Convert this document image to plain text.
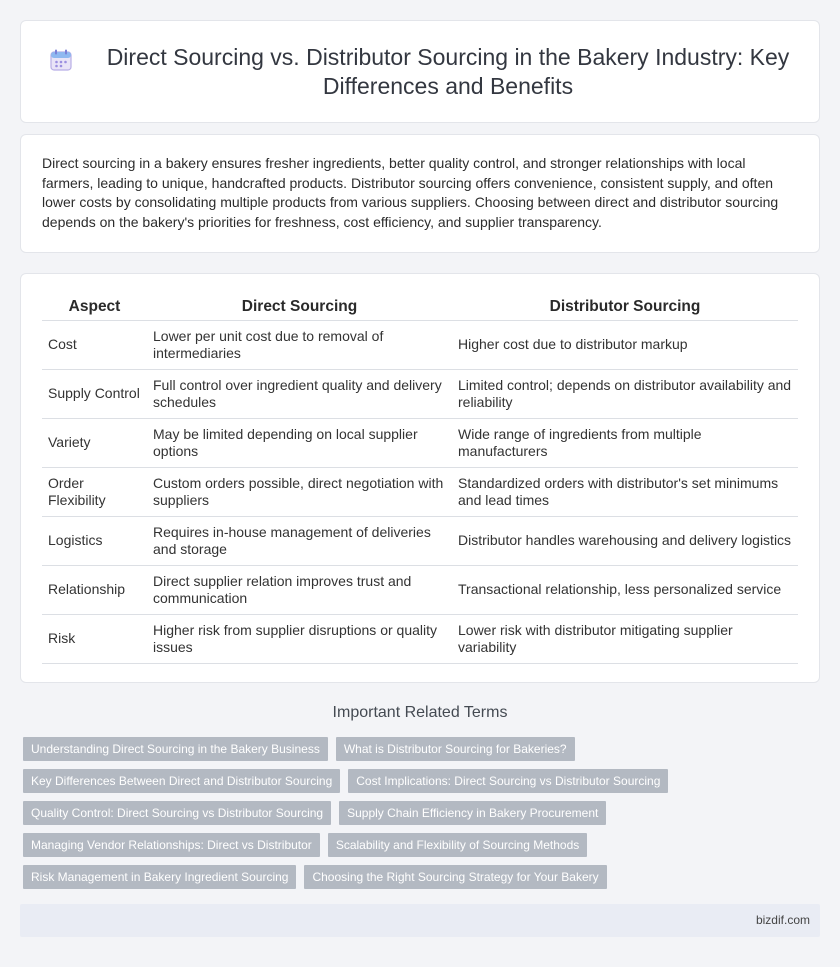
Direct Sourcing vs. Distributor Sourcing in the Bakery Industry: Key Differences and Benefits

Direct sourcing in a bakery ensures fresher ingredients, better quality control, and stronger relationships with local farmers, leading to unique, handcrafted products. Distributor sourcing offers convenience, consistent supply, and often lower costs by consolidating multiple products from various suppliers. Choosing between direct and distributor sourcing depends on the bakery's priorities for freshness, cost efficiency, and supplier transparency.

Aspect	Direct Sourcing	Distributor Sourcing
Cost	Lower per unit cost due to removal of intermediaries	Higher cost due to distributor markup
Supply Control	Full control over ingredient quality and delivery schedules	Limited control; depends on distributor availability and reliability
Variety	May be limited depending on local supplier options	Wide range of ingredients from multiple manufacturers
Order Flexibility	Custom orders possible, direct negotiation with suppliers	Standardized orders with distributor's set minimums and lead times
Logistics	Requires in-house management of deliveries and storage	Distributor handles warehousing and delivery logistics
Relationship	Direct supplier relation improves trust and communication	Transactional relationship, less personalized service
Risk	Higher risk from supplier disruptions or quality issues	Lower risk with distributor mitigating supplier variability
Important Related Terms
Understanding Direct Sourcing in the Bakery Business	What is Distributor Sourcing for Bakeries?
Key Differences Between Direct and Distributor Sourcing	Cost Implications: Direct Sourcing vs Distributor Sourcing
Quality Control: Direct Sourcing vs Distributor Sourcing	Supply Chain Efficiency in Bakery Procurement
Managing Vendor Relationships: Direct vs Distributor	Scalability and Flexibility of Sourcing Methods
Risk Management in Bakery Ingredient Sourcing	Choosing the Right Sourcing Strategy for Your Bakery
bizdif.com
